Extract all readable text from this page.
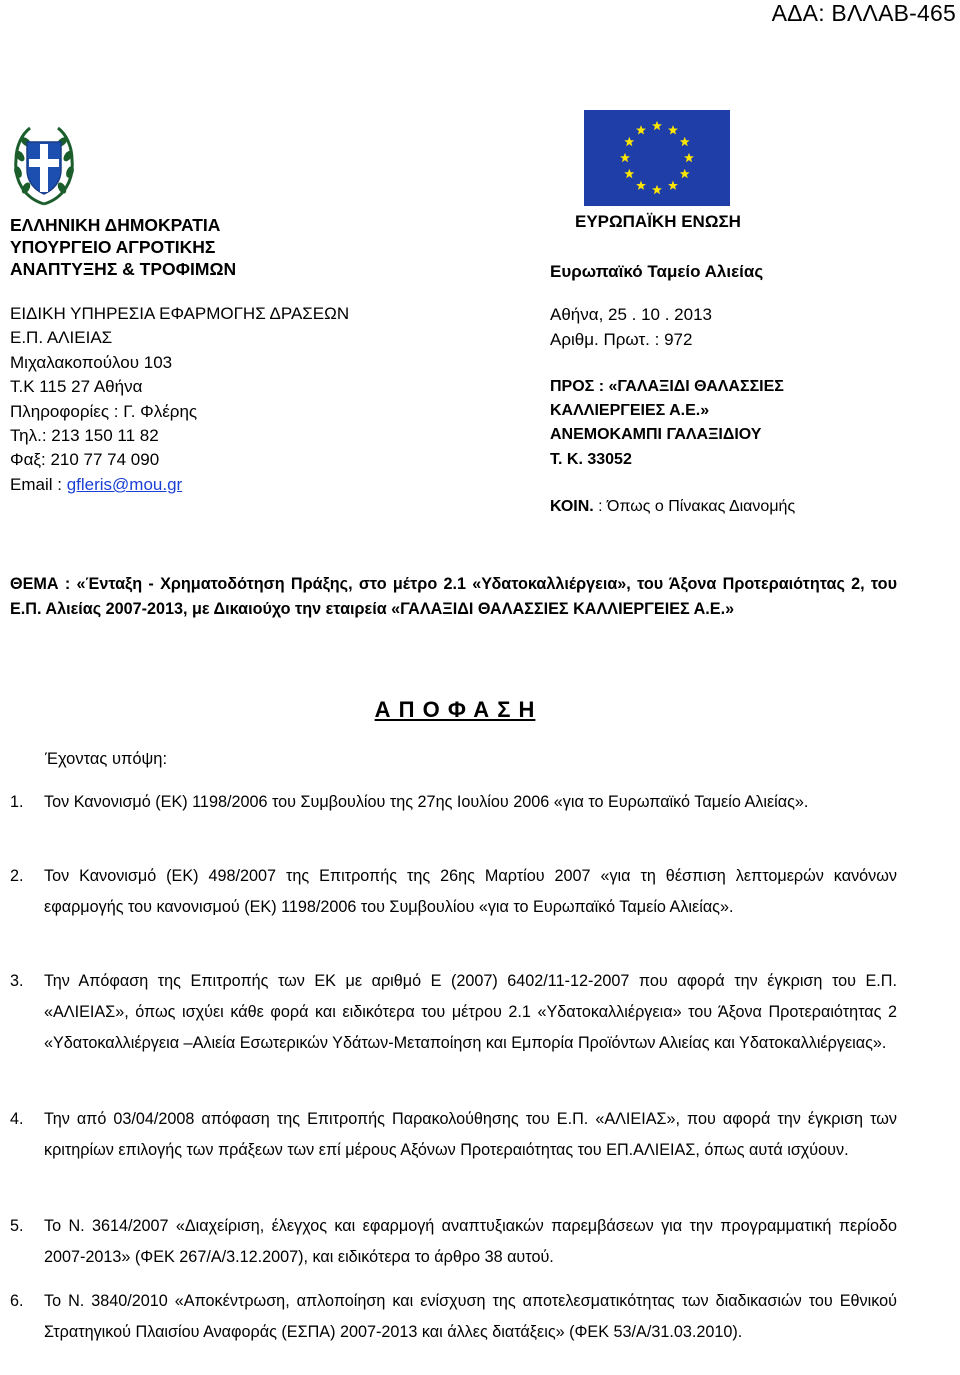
ΑΔΑ: ΒΛΛΑΒ-465
ΕΛΛΗΝΙΚΗ ΔΗΜΟΚΡΑΤΙΑ
ΥΠΟΥΡΓΕΙΟ ΑΓΡΟΤΙΚΗΣ
ΑΝΑΠΤΥΞΗΣ & ΤΡΟΦΙΜΩΝ
ΕΙΔΙΚΗ ΥΠΗΡΕΣΙΑ ΕΦΑΡΜΟΓΗΣ ΔΡΑΣΕΩΝ
Ε.Π. ΑΛΙΕΙΑΣ
Μιχαλακοπούλου 103
Τ.Κ 115 27 Αθήνα
Πληροφορίες : Γ. Φλέρης
Τηλ.: 213 150 11 82
Φαξ: 210 77 74 090
Email : gfleris@mou.gr
ΕΥΡΩΠΑΪΚΗ ΕΝΩΣΗ
Ευρωπαϊκό Ταμείο Αλιείας
Αθήνα, 25 . 10 . 2013
Αριθμ. Πρωτ. : 972
ΠΡΟΣ : «ΓΑΛΑΞΙΔΙ ΘΑΛΑΣΣΙΕΣ
ΚΑΛΛΙΕΡΓΕΙΕΣ Α.Ε.»
ΑΝΕΜΟΚΑΜΠΙ ΓΑΛΑΞΙΔΙΟΥ
Τ. Κ. 33052
ΚΟΙΝ. : Όπως ο Πίνακας Διανομής
ΘΕΜΑ : «Ένταξη - Χρηματοδότηση Πράξης, στο μέτρο 2.1 «Υδατοκαλλιέργεια», του Άξονα Προτεραιότητας 2, του Ε.Π. Αλιείας 2007-2013, με Δικαιούχο την εταιρεία «ΓΑΛΑΞΙΔΙ ΘΑΛΑΣΣΙΕΣ ΚΑΛΛΙΕΡΓΕΙΕΣ Α.Ε.»
Α Π Ο Φ Α Σ Η
Έχοντας υπόψη:
1. Τον Κανονισμό (ΕΚ) 1198/2006 του Συμβουλίου της 27ης Ιουλίου 2006 «για το Ευρωπαϊκό Ταμείο Αλιείας».
2. Τον Κανονισμό (ΕΚ) 498/2007 της Επιτροπής της 26ης Μαρτίου 2007 «για τη θέσπιση λεπτομερών κανόνων εφαρμογής του κανονισμού (ΕΚ) 1198/2006 του Συμβουλίου «για το Ευρωπαϊκό Ταμείο Αλιείας».
3. Την Απόφαση της Επιτροπής των ΕΚ με αριθμό Ε (2007) 6402/11-12-2007 που αφορά την έγκριση του Ε.Π. «ΑΛΙΕΙΑΣ», όπως ισχύει κάθε φορά και ειδικότερα του μέτρου 2.1 «Υδατοκαλλιέργεια» του Άξονα Προτεραιότητας 2 «Υδατοκαλλιέργεια –Αλιεία Εσωτερικών Υδάτων-Μεταποίηση και Εμπορία Προϊόντων Αλιείας και Υδατοκαλλιέργειας».
4. Την από 03/04/2008 απόφαση της Επιτροπής Παρακολούθησης του Ε.Π. «ΑΛΙΕΙΑΣ», που αφορά την έγκριση των κριτηρίων επιλογής των πράξεων των επί μέρους Αξόνων Προτεραιότητας του ΕΠ.ΑΛΙΕΙΑΣ, όπως αυτά ισχύουν.
5. Το Ν. 3614/2007 «Διαχείριση, έλεγχος και εφαρμογή αναπτυξιακών παρεμβάσεων για την προγραμματική περίοδο 2007-2013» (ΦΕΚ 267/Α/3.12.2007), και ειδικότερα το άρθρο 38 αυτού.
6. Το Ν. 3840/2010 «Αποκέντρωση, απλοποίηση και ενίσχυση της αποτελεσματικότητας των διαδικασιών του Εθνικού Στρατηγικού Πλαισίου Αναφοράς (ΕΣΠΑ) 2007-2013 και άλλες διατάξεις» (ΦΕΚ 53/Α/31.03.2010).
